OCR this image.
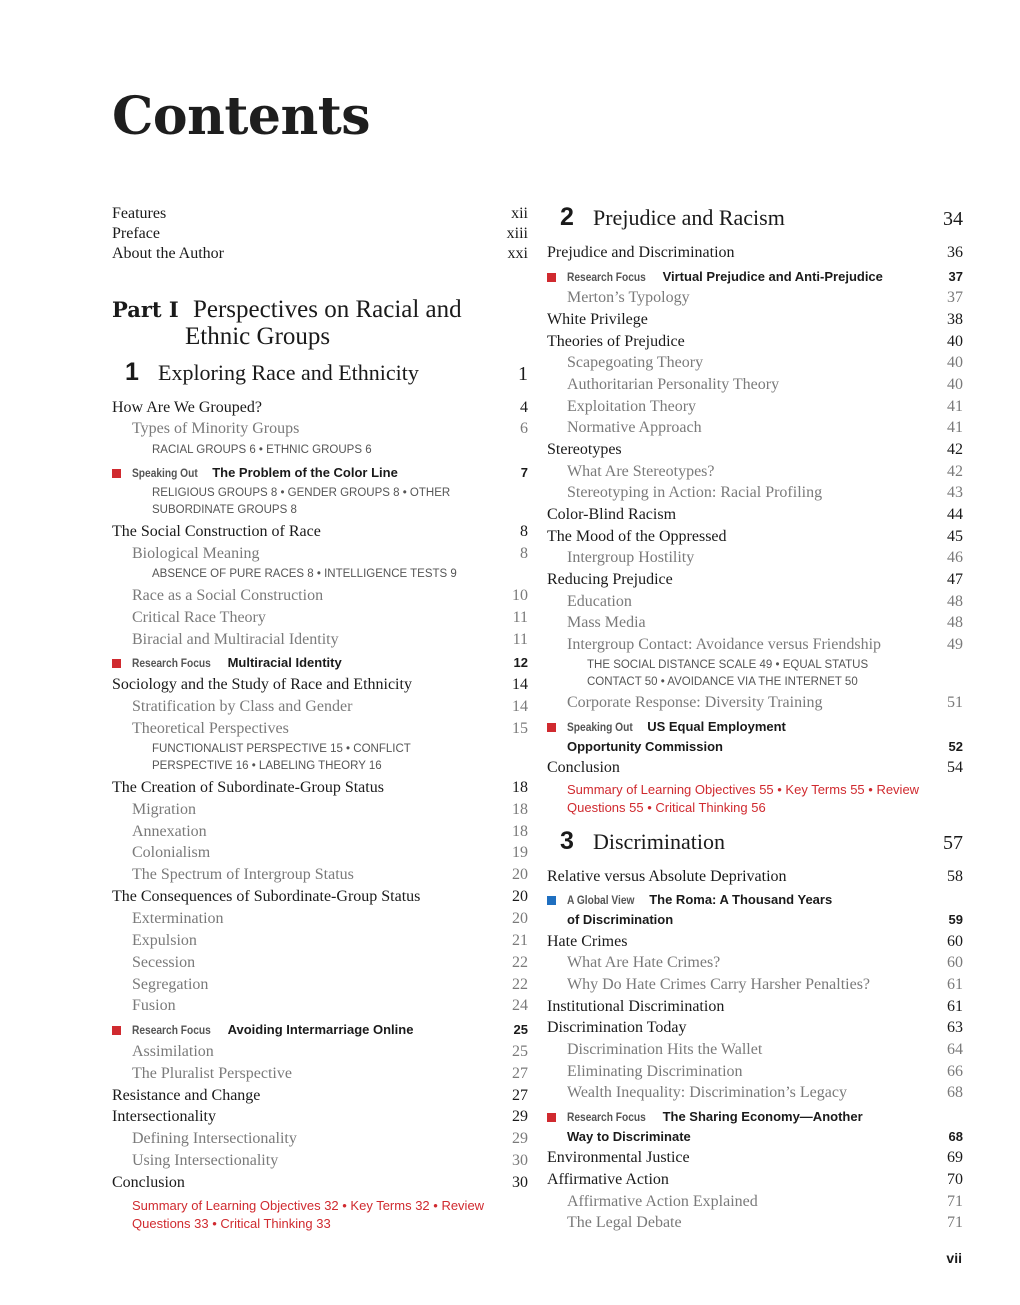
Contents
Features	xii
Preface	xiii
About the Author	xxi
Part I Perspectives on Racial and
Ethnic Groups
1 Exploring Race and Ethnicity	1
How Are We Grouped?	4
Types of Minority Groups	6
RACIAL GROUPS 6 • ETHNIC GROUPS 6
Speaking Out The Problem of the Color Line	7
RELIGIOUS GROUPS 8 • GENDER GROUPS 8 • OTHER SUBORDINATE GROUPS 8
The Social Construction of Race	8
Biological Meaning	8
ABSENCE OF PURE RACES 8 • INTELLIGENCE TESTS 9
Race as a Social Construction	10
Critical Race Theory	11
Biracial and Multiracial Identity	11
Research Focus Multiracial Identity	12
Sociology and the Study of Race and Ethnicity	14
Stratification by Class and Gender	14
Theoretical Perspectives	15
FUNCTIONALIST PERSPECTIVE 15 • CONFLICT PERSPECTIVE 16 • LABELING THEORY 16
The Creation of Subordinate-Group Status	18
Migration	18
Annexation	18
Colonialism	19
The Spectrum of Intergroup Status	20
The Consequences of Subordinate-Group Status	20
Extermination	20
Expulsion	21
Secession	22
Segregation	22
Fusion	24
Research Focus Avoiding Intermarriage Online	25
Assimilation	25
The Pluralist Perspective	27
Resistance and Change	27
Intersectionality	29
Defining Intersectionality	29
Using Intersectionality	30
Conclusion	30
Summary of Learning Objectives 32 • Key Terms 32 • Review Questions 33 • Critical Thinking 33
2 Prejudice and Racism	34
Prejudice and Discrimination	36
Research Focus Virtual Prejudice and Anti-Prejudice	37
Merton’s Typology	37
White Privilege	38
Theories of Prejudice	40
Scapegoating Theory	40
Authoritarian Personality Theory	40
Exploitation Theory	41
Normative Approach	41
Stereotypes	42
What Are Stereotypes?	42
Stereotyping in Action: Racial Profiling	43
Color-Blind Racism	44
The Mood of the Oppressed	45
Intergroup Hostility	46
Reducing Prejudice	47
Education	48
Mass Media	48
Intergroup Contact: Avoidance versus Friendship	49
THE SOCIAL DISTANCE SCALE 49 • EQUAL STATUS CONTACT 50 • AVOIDANCE VIA THE INTERNET 50
Corporate Response: Diversity Training	51
Speaking Out US Equal Employment
Opportunity Commission	52
Conclusion	54
Summary of Learning Objectives 55 • Key Terms 55 • Review Questions 55 • Critical Thinking 56
3 Discrimination	57
Relative versus Absolute Deprivation	58
A Global View The Roma: A Thousand Years
of Discrimination	59
Hate Crimes	60
What Are Hate Crimes?	60
Why Do Hate Crimes Carry Harsher Penalties?	61
Institutional Discrimination	61
Discrimination Today	63
Discrimination Hits the Wallet	64
Eliminating Discrimination	66
Wealth Inequality: Discrimination’s Legacy	68
Research Focus The Sharing Economy—Another
Way to Discriminate	68
Environmental Justice	69
Affirmative Action	70
Affirmative Action Explained	71
The Legal Debate	71
vii
